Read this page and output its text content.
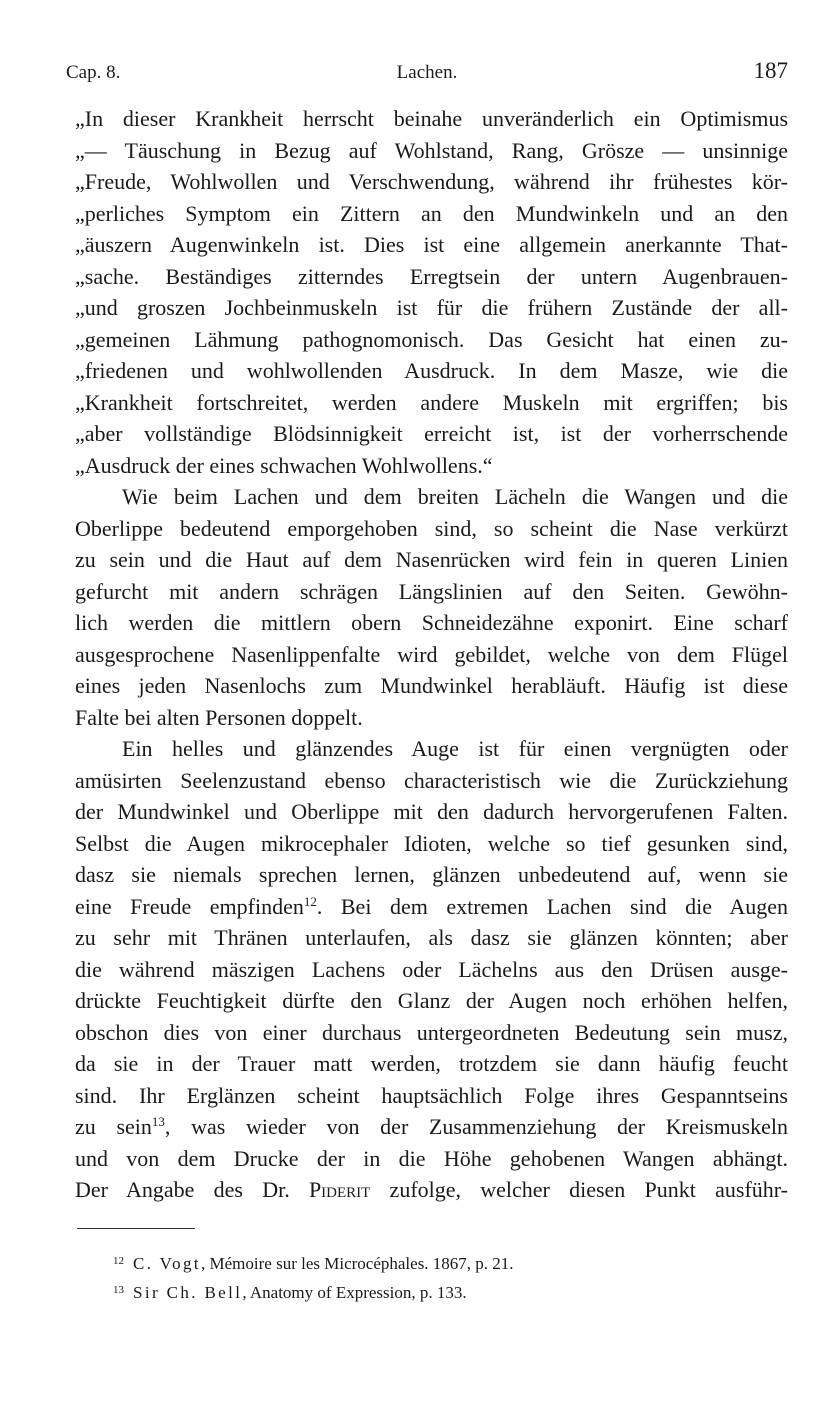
Cap. 8.	Lachen.	187
„In dieser Krankheit herrscht beinahe unveränderlich ein Optimismus
„— Täuschung in Bezug auf Wohlstand, Rang, Grösze — unsinnige
„Freude, Wohlwollen und Verschwendung, während ihr frühestes kör-
„perliches Symptom ein Zittern an den Mundwinkeln und an den
„äuszern Augenwinkeln ist. Dies ist eine allgemein anerkannte That-
„sache. Beständiges zitterndes Erregtsein der untern Augenbrauen-
„und groszen Jochbeinmuskeln ist für die frühern Zustände der all-
„gemeinen Lähmung pathognomonisch. Das Gesicht hat einen zu-
„friedenen und wohlwollenden Ausdruck. In dem Masze, wie die
„Krankheit fortschreitet, werden andere Muskeln mit ergriffen; bis
„aber vollständige Blödsinnigkeit erreicht ist, ist der vorherrschende
„Ausdruck der eines schwachen Wohlwollens.“
Wie beim Lachen und dem breiten Lächeln die Wangen und die
Oberlippe bedeutend emporgehoben sind, so scheint die Nase verkürzt
zu sein und die Haut auf dem Nasenrücken wird fein in queren Linien
gefurcht mit andern schrägen Längslinien auf den Seiten. Gewöhn-
lich werden die mittlern obern Schneidezähne exponirt. Eine scharf
ausgesprochene Nasenlippenfalte wird gebildet, welche von dem Flügel
eines jeden Nasenlochs zum Mundwinkel herabläuft. Häufig ist diese
Falte bei alten Personen doppelt.
Ein helles und glänzendes Auge ist für einen vergnügten oder
amüsirten Seelenzustand ebenso characteristisch wie die Zurückziehung
der Mundwinkel und Oberlippe mit den dadurch hervorgerufenen Falten.
Selbst die Augen mikrocephaler Idioten, welche so tief gesunken sind,
dasz sie niemals sprechen lernen, glänzen unbedeutend auf, wenn sie
eine Freude empfinden$^{12}$. Bei dem extremen Lachen sind die Augen
zu sehr mit Thränen unterlaufen, als dasz sie glänzen könnten; aber
die während mäszigen Lachens oder Lächelns aus den Drüsen ausge-
drückte Feuchtigkeit dürfte den Glanz der Augen noch erhöhen helfen,
obschon dies von einer durchaus untergeordneten Bedeutung sein musz,
da sie in der Trauer matt werden, trotzdem sie dann häufig feucht
sind. Ihr Erglänzen scheint hauptsächlich Folge ihres Gespanntseins
zu sein$^{13}$, was wieder von der Zusammenziehung der Kreismuskeln
und von dem Drucke der in die Höhe gehobenen Wangen abhängt.
Der Angabe des Dr. Piderit zufolge, welcher diesen Punkt ausführ-
$^{12}$ C. Vogt, Mémoire sur les Microcéphales. 1867, p. 21.
$^{13}$ Sir Ch. Bell, Anatomy of Expression, p. 133.
